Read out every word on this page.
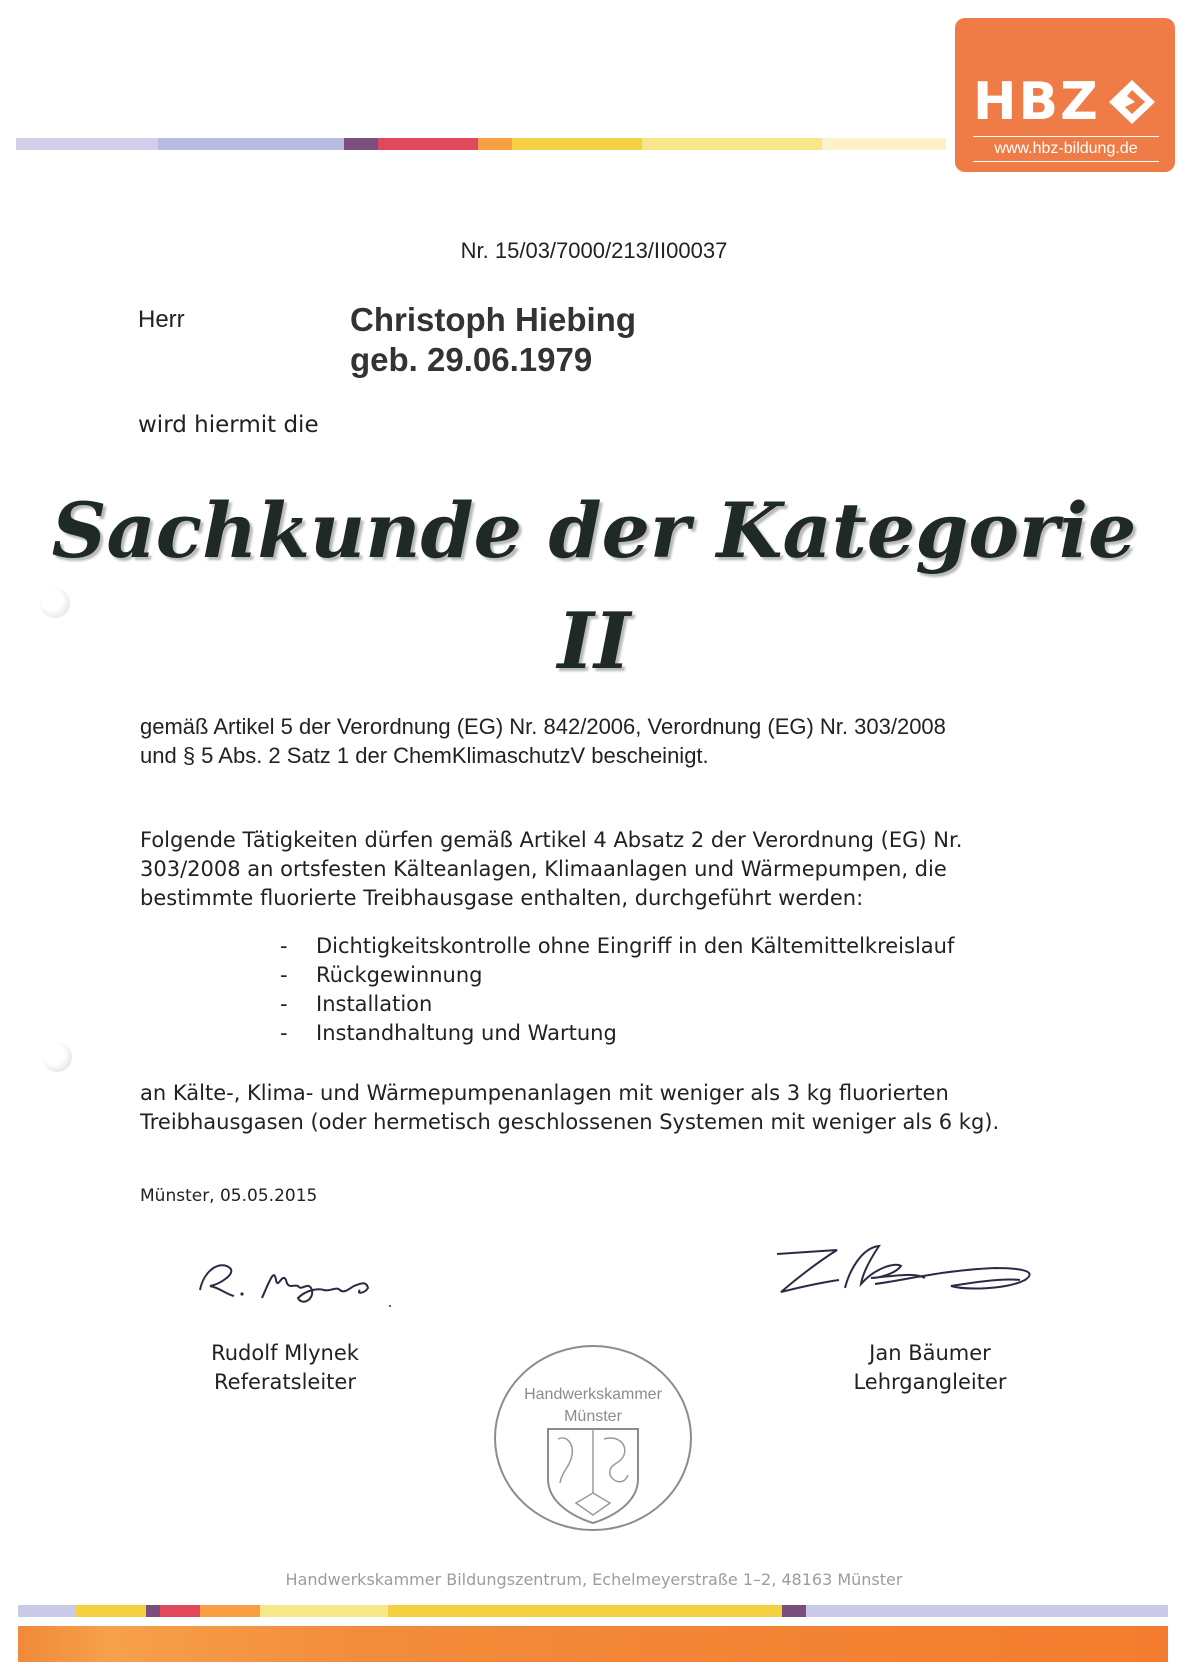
HBZ
www.hbz-bildung.de
Nr. 15/03/7000/213/II00037
Herr	Christoph Hiebing
geb. 29.06.1979
wird hiermit die
Sachkunde der Kategorie
II
gemäß Artikel 5 der Verordnung (EG) Nr. 842/2006, Verordnung (EG) Nr. 303/2008
und § 5 Abs. 2 Satz 1 der ChemKlimaschutzV bescheinigt.
Folgende Tätigkeiten dürfen gemäß Artikel 4 Absatz 2 der Verordnung (EG) Nr.
303/2008 an ortsfesten Kälteanlagen, Klimaanlagen und Wärmepumpen, die
bestimmte fluorierte Treibhausgase enthalten, durchgeführt werden:
-	Dichtigkeitskontrolle ohne Eingriff in den Kältemittelkreislauf
-	Rückgewinnung
-	Installation
-	Instandhaltung und Wartung
an Kälte-, Klima- und Wärmepumpenanlagen mit weniger als 3 kg fluorierten
Treibhausgasen (oder hermetisch geschlossenen Systemen mit weniger als 6 kg).
Münster, 05.05.2015
Rudolf Mlynek
Referatsleiter
Jan Bäumer
Lehrgangleiter
Handwerkskammer
Münster
Handwerkskammer Bildungszentrum, Echelmeyerstraße 1–2, 48163 Münster
